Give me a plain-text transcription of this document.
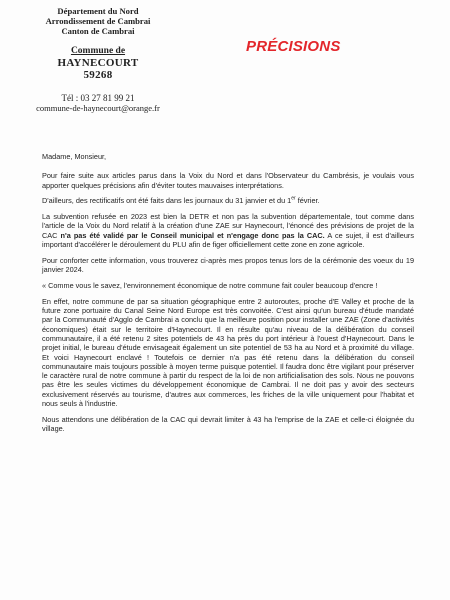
Département du Nord
Arrondissement de Cambrai
Canton de Cambrai
Commune de
HAYNECOURT
59268
Tél : 03 27 81 99 21
commune-de-haynecourt@orange.fr
PRÉCISIONS

Madame, Monsieur,

Pour faire suite aux articles parus dans la Voix du Nord et dans l'Observateur du Cambrésis, je voulais vous apporter quelques précisions afin d'éviter toutes mauvaises interprétations.

D'ailleurs, des rectificatifs ont été faits dans les journaux du 31 janvier et du 1er février.

La subvention refusée en 2023 est bien la DETR et non pas la subvention départementale, tout comme dans l'article de la Voix du Nord relatif à la création d'une ZAE sur Haynecourt, l'énoncé des prévisions de projet de la CAC n'a pas été validé par le Conseil municipal et n'engage donc pas la CAC. A ce sujet, il est d'ailleurs important d'accélérer le déroulement du PLU afin de figer officiellement cette zone en zone agricole.

Pour conforter cette information, vous trouverez ci-après mes propos tenus lors de la cérémonie des voeux du 19 janvier 2024.

« Comme vous le savez, l'environnement économique de notre commune fait couler beaucoup d'encre !

En effet, notre commune de par sa situation géographique entre 2 autoroutes, proche d'E Valley et proche de la future zone portuaire du Canal Seine Nord Europe est très convoitée. C'est ainsi qu'un bureau d'étude mandaté par la Communauté d'Agglo de Cambrai a conclu que la meilleure position pour installer une ZAE (Zone d'activités économiques) était sur le territoire d'Haynecourt. Il en résulte qu'au niveau de la délibération du conseil communautaire, il a été retenu 2 sites potentiels de 43 ha près du port intérieur à l'ouest d'Haynecourt. Dans le projet initial, le bureau d'étude envisageait également un site potentiel de 53 ha au Nord et à proximité du village. Et voici Haynecourt enclavé ! Toutefois ce dernier n'a pas été retenu dans la délibération du conseil communautaire mais toujours possible à moyen terme puisque potentiel. Il faudra donc être vigilant pour préserver le caractère rural de notre commune à partir du respect de la loi de non artificialisation des sols. Nous ne pouvons pas être les seules victimes du développement économique de Cambrai. Il ne doit pas y avoir des secteurs exclusivement réservés au tourisme, d'autres aux commerces, les friches de la ville uniquement pour l'habitat et nous seuls à l'industrie.

Nous attendons une délibération de la CAC qui devrait limiter à 43 ha l'emprise de la ZAE et celle-ci éloignée du village.
